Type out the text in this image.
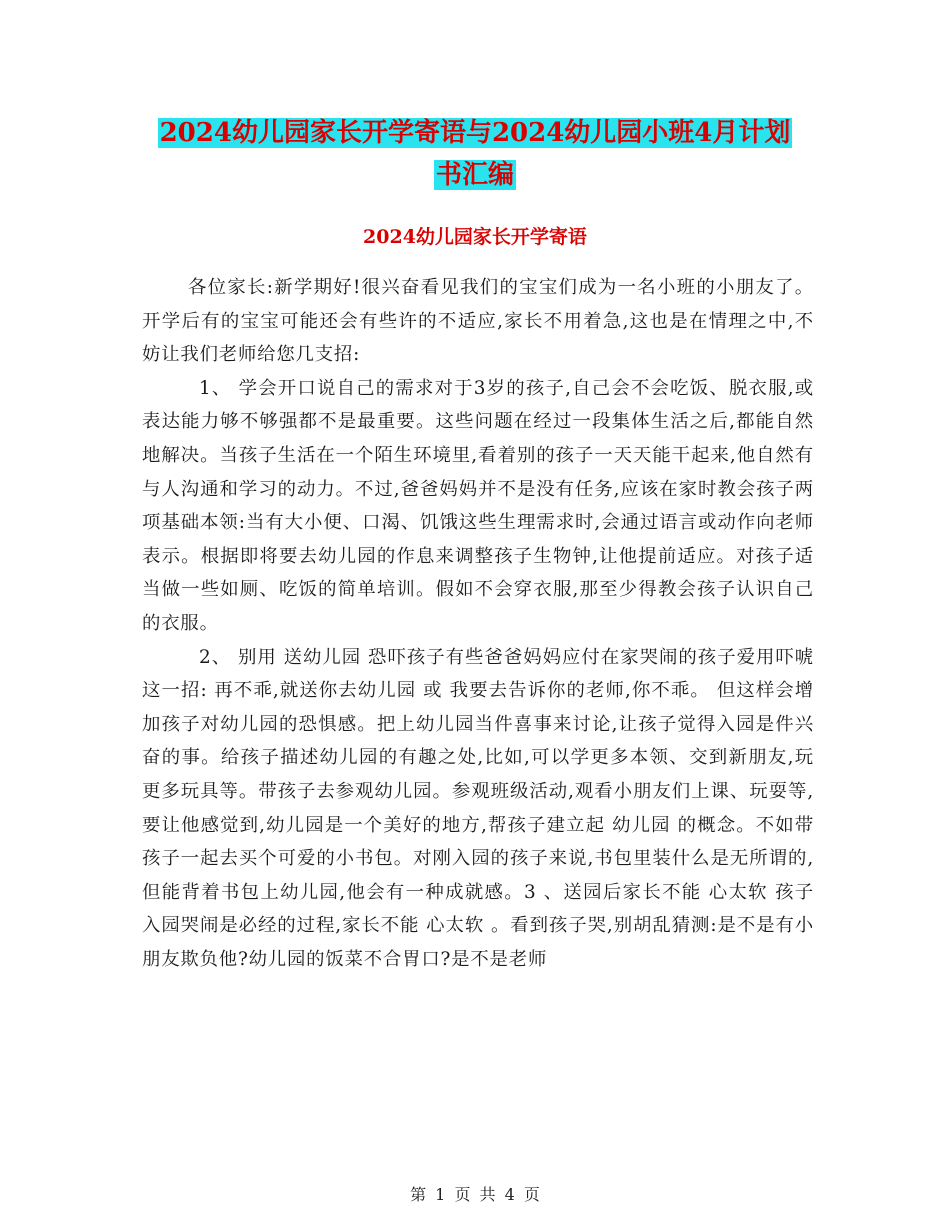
2024幼儿园家长开学寄语与2024幼儿园小班4月计划
书汇编
2024幼儿园家长开学寄语

各位家长:新学期好!很兴奋看见我们的宝宝们成为一名小班的小朋友了。开学后有的宝宝可能还会有些许的不适应,家长不用着急,这也是在情理之中,不妨让我们老师给您几支招:

1、 学会开口说自己的需求对于3岁的孩子,自己会不会吃饭、脱衣服,或表达能力够不够强都不是最重要。这些问题在经过一段集体生活之后,都能自然地解决。当孩子生活在一个陌生环境里,看着别的孩子一天天能干起来,他自然有与人沟通和学习的动力。不过,爸爸妈妈并不是没有任务,应该在家时教会孩子两项基础本领:当有大小便、口渴、饥饿这些生理需求时,会通过语言或动作向老师表示。根据即将要去幼儿园的作息来调整孩子生物钟,让他提前适应。对孩子适当做一些如厕、吃饭的简单培训。假如不会穿衣服,那至少得教会孩子认识自己的衣服。

2、 别用 送幼儿园 恐吓孩子有些爸爸妈妈应付在家哭闹的孩子爱用吓唬这一招: 再不乖,就送你去幼儿园 或 我要去告诉你的老师,你不乖。 但这样会增加孩子对幼儿园的恐惧感。把上幼儿园当件喜事来讨论,让孩子觉得入园是件兴奋的事。给孩子描述幼儿园的有趣之处,比如,可以学更多本领、交到新朋友,玩更多玩具等。带孩子去参观幼儿园。参观班级活动,观看小朋友们上课、玩耍等,要让他感觉到,幼儿园是一个美好的地方,帮孩子建立起 幼儿园 的概念。不如带孩子一起去买个可爱的小书包。对刚入园的孩子来说,书包里装什么是无所谓的,但能背着书包上幼儿园,他会有一种成就感。3 、送园后家长不能 心太软 孩子入园哭闹是必经的过程,家长不能 心太软 。看到孩子哭,别胡乱猜测:是不是有小朋友欺负他?幼儿园的饭菜不合胃口?是不是老师

第 1 页 共 4 页
